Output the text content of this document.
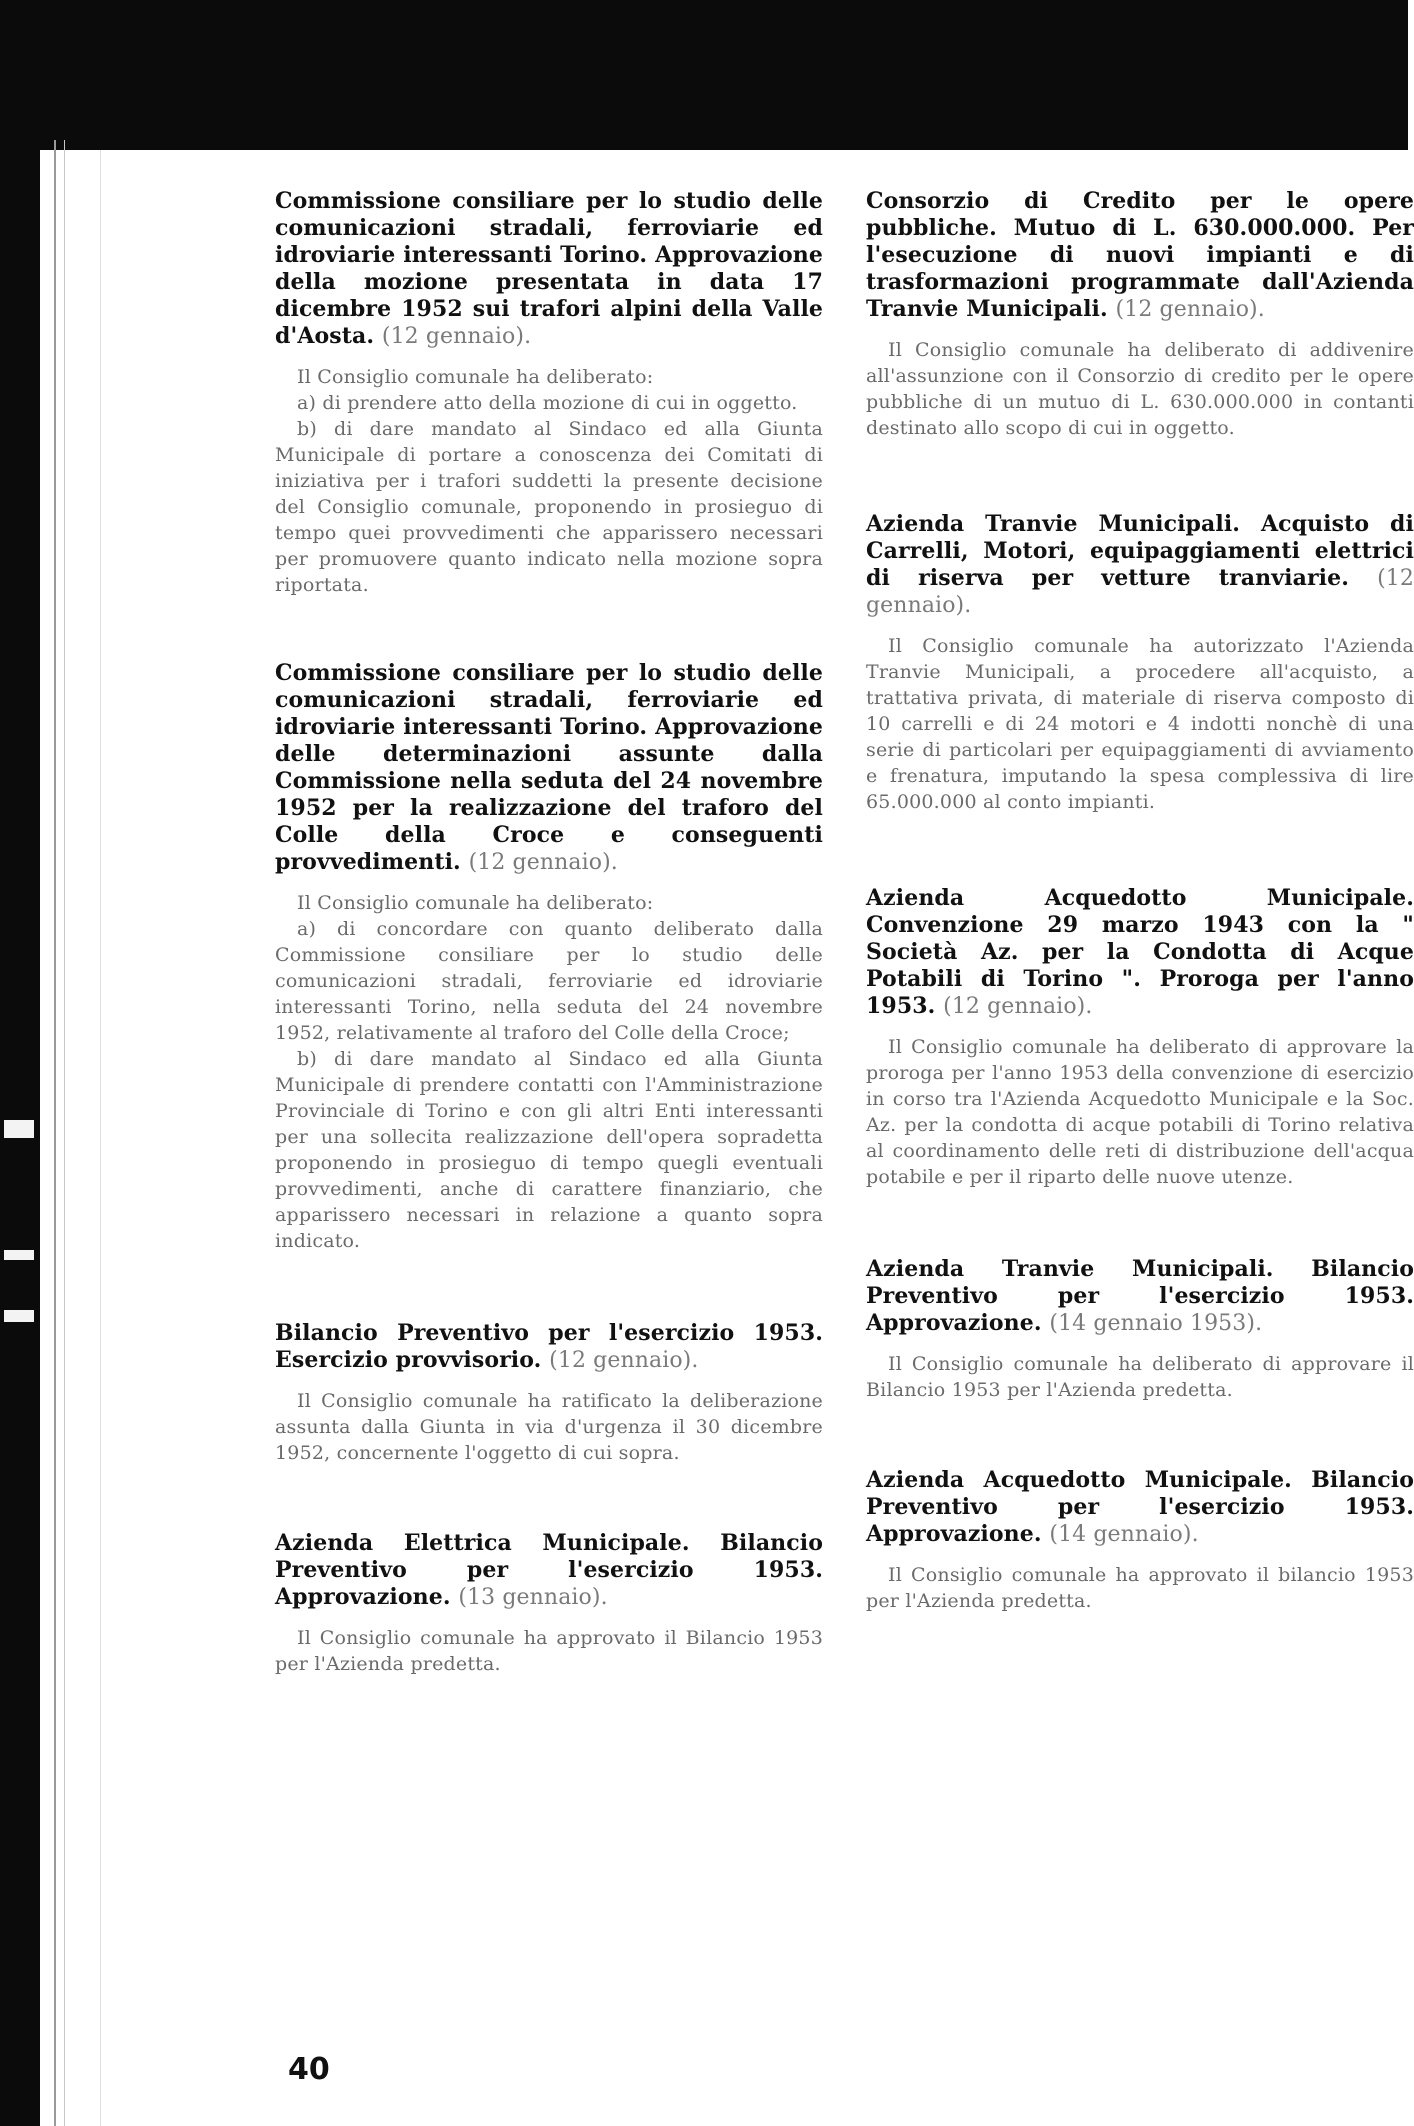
Commissione consiliare per lo studio delle comunicazioni stradali, ferroviarie ed idroviarie interessanti Torino. Approvazione della mozione presentata in data 17 dicembre 1952 sui trafori alpini della Valle d'Aosta. (12 gennaio).

Il Consiglio comunale ha deliberato:

a) di prendere atto della mozione di cui in oggetto.

b) di dare mandato al Sindaco ed alla Giunta Municipale di portare a conoscenza dei Comitati di iniziativa per i trafori suddetti la presente decisione del Consiglio comunale, proponendo in prosieguo di tempo quei provvedimenti che apparissero necessari per promuovere quanto indicato nella mozione sopra riportata.

Commissione consiliare per lo studio delle comunicazioni stradali, ferroviarie ed idroviarie interessanti Torino. Approvazione delle determinazioni assunte dalla Commissione nella seduta del 24 novembre 1952 per la realizzazione del traforo del Colle della Croce e conseguenti provvedimenti. (12 gennaio).

Il Consiglio comunale ha deliberato:

a) di concordare con quanto deliberato dalla Commissione consiliare per lo studio delle comunicazioni stradali, ferroviarie ed idroviarie interessanti Torino, nella seduta del 24 novembre 1952, relativamente al traforo del Colle della Croce;

b) di dare mandato al Sindaco ed alla Giunta Municipale di prendere contatti con l'Amministrazione Provinciale di Torino e con gli altri Enti interessanti per una sollecita realizzazione dell'opera sopradetta proponendo in prosieguo di tempo quegli eventuali provvedimenti, anche di carattere finanziario, che apparissero necessari in relazione a quanto sopra indicato.

Bilancio Preventivo per l'esercizio 1953. Esercizio provvisorio. (12 gennaio).

Il Consiglio comunale ha ratificato la deliberazione assunta dalla Giunta in via d'urgenza il 30 dicembre 1952, concernente l'oggetto di cui sopra.

Azienda Elettrica Municipale. Bilancio Preventivo per l'esercizio 1953. Approvazione. (13 gennaio).

Il Consiglio comunale ha approvato il Bilancio 1953 per l'Azienda predetta.

Consorzio di Credito per le opere pubbliche. Mutuo di L. 630.000.000. Per l'esecuzione di nuovi impianti e di trasformazioni programmate dall'Azienda Tranvie Municipali. (12 gennaio).

Il Consiglio comunale ha deliberato di addivenire all'assunzione con il Consorzio di credito per le opere pubbliche di un mutuo di L. 630.000.000 in contanti destinato allo scopo di cui in oggetto.

Azienda Tranvie Municipali. Acquisto di Carrelli, Motori, equipaggiamenti elettrici di riserva per vetture tranviarie. (12 gennaio).

Il Consiglio comunale ha autorizzato l'Azienda Tranvie Municipali, a procedere all'acquisto, a trattativa privata, di materiale di riserva composto di 10 carrelli e di 24 motori e 4 indotti nonchè di una serie di particolari per equipaggiamenti di avviamento e frenatura, imputando la spesa complessiva di lire 65.000.000 al conto impianti.

Azienda Acquedotto Municipale. Convenzione 29 marzo 1943 con la " Società Az. per la Condotta di Acque Potabili di Torino ". Proroga per l'anno 1953. (12 gennaio).

Il Consiglio comunale ha deliberato di approvare la proroga per l'anno 1953 della convenzione di esercizio in corso tra l'Azienda Acquedotto Municipale e la Soc. Az. per la condotta di acque potabili di Torino relativa al coordinamento delle reti di distribuzione dell'acqua potabile e per il riparto delle nuove utenze.

Azienda Tranvie Municipali. Bilancio Preventivo per l'esercizio 1953. Approvazione. (14 gennaio 1953).

Il Consiglio comunale ha deliberato di approvare il Bilancio 1953 per l'Azienda predetta.

Azienda Acquedotto Municipale. Bilancio Preventivo per l'esercizio 1953. Approvazione. (14 gennaio).

Il Consiglio comunale ha approvato il bilancio 1953 per l'Azienda predetta.

40
